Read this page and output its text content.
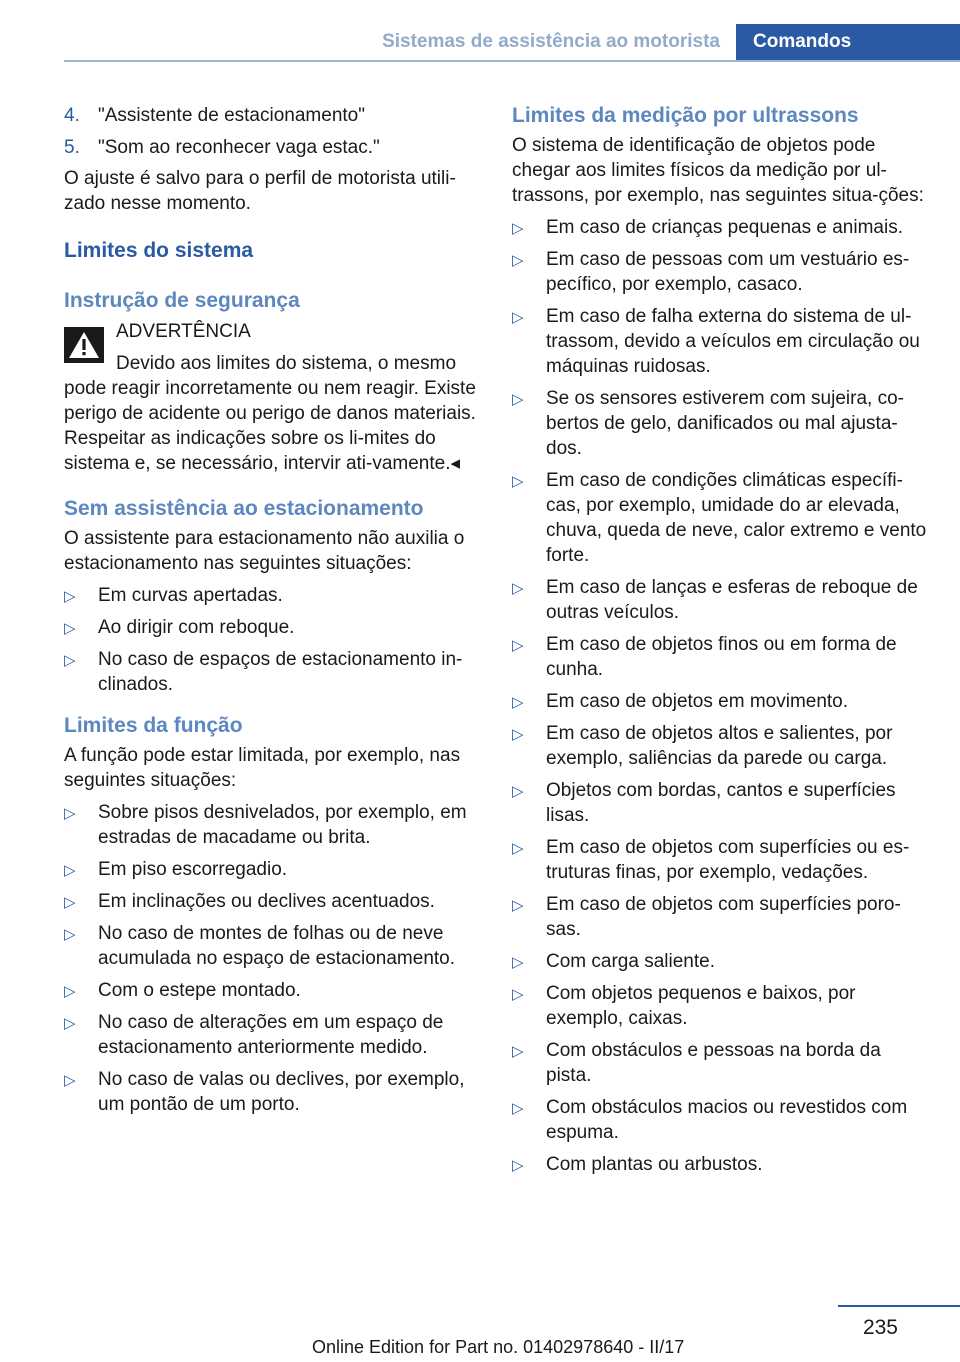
Sistemas de assistência ao motorista	Comandos
4. "Assistente de estacionamento"
5. "Som ao reconhecer vaga estac."

O ajuste é salvo para o perfil de motorista utili-zado nesse momento.

Limites do sistema
Instrução de segurança

ADVERTÊNCIA

Devido aos limites do sistema, o mesmo pode reagir incorretamente ou nem reagir. Existe perigo de acidente ou perigo de danos materiais. Respeitar as indicações sobre os li-mites do sistema e, se necessário, intervir ati-vamente.◂

Sem assistência ao estacionamento

O assistente para estacionamento não auxilia o estacionamento nas seguintes situações:

▷ Em curvas apertadas.
▷ Ao dirigir com reboque.
▷ No caso de espaços de estacionamento in-clinados.
Limites da função

A função pode estar limitada, por exemplo, nas seguintes situações:

▷ Sobre pisos desnivelados, por exemplo, em estradas de macadame ou brita.
▷ Em piso escorregadio.
▷ Em inclinações ou declives acentuados.
▷ No caso de montes de folhas ou de neve acumulada no espaço de estacionamento.
▷ Com o estepe montado.
▷ No caso de alterações em um espaço de estacionamento anteriormente medido.
▷ No caso de valas ou declives, por exemplo, um pontão de um porto.
Limites da medição por ultrassons

O sistema de identificação de objetos pode chegar aos limites físicos da medição por ul-trassons, por exemplo, nas seguintes situa-ções:

▷ Em caso de crianças pequenas e animais.
▷ Em caso de pessoas com um vestuário es-pecífico, por exemplo, casaco.
▷ Em caso de falha externa do sistema de ul-trassom, devido a veículos em circulação ou máquinas ruidosas.
▷ Se os sensores estiverem com sujeira, co-bertos de gelo, danificados ou mal ajusta-dos.
▷ Em caso de condições climáticas específi-cas, por exemplo, umidade do ar elevada, chuva, queda de neve, calor extremo e vento forte.
▷ Em caso de lanças e esferas de reboque de outras veículos.
▷ Em caso de objetos finos ou em forma de cunha.
▷ Em caso de objetos em movimento.
▷ Em caso de objetos altos e salientes, por exemplo, saliências da parede ou carga.
▷ Objetos com bordas, cantos e superfícies lisas.
▷ Em caso de objetos com superfícies ou es-truturas finas, por exemplo, vedações.
▷ Em caso de objetos com superfícies poro-sas.
▷ Com carga saliente.
▷ Com objetos pequenos e baixos, por exemplo, caixas.
▷ Com obstáculos e pessoas na borda da pista.
▷ Com obstáculos macios ou revestidos com espuma.
▷ Com plantas ou arbustos.
235
Online Edition for Part no. 01402978640 - II/17
